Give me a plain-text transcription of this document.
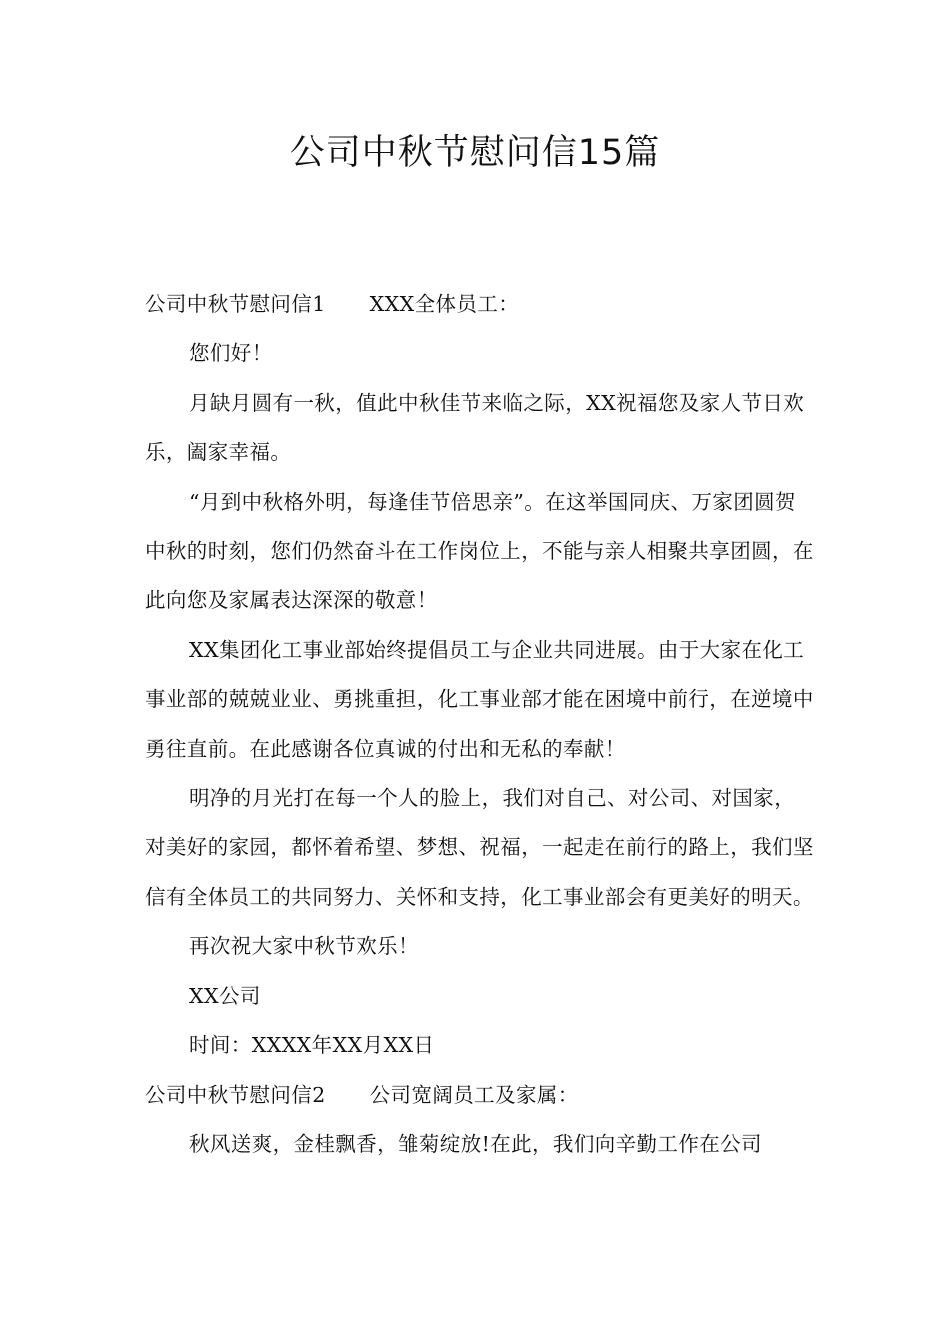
公司中秋节慰问信15篇

公司中秋节慰问信1 XXX全体员工：

您们好！

月缺月圆有一秋，值此中秋佳节来临之际，XX祝福您及家人节日欢乐，阖家幸福。

“月到中秋格外明，每逢佳节倍思亲”。在这举国同庆、万家团圆贺中秋的时刻，您们仍然奋斗在工作岗位上，不能与亲人相聚共享团圆，在此向您及家属表达深深的敬意！

XX集团化工事业部始终提倡员工与企业共同进展。由于大家在化工事业部的兢兢业业、勇挑重担，化工事业部才能在困境中前行，在逆境中勇往直前。在此感谢各位真诚的付出和无私的奉献！

明净的月光打在每一个人的脸上，我们对自己、对公司、对国家，对美好的家园，都怀着希望、梦想、祝福，一起走在前行的路上，我们坚信有全体员工的共同努力、关怀和支持，化工事业部会有更美好的明天。

再次祝大家中秋节欢乐！

XX公司

时间：XXXX年XX月XX日

公司中秋节慰问信2 公司宽阔员工及家属：

秋风送爽，金桂飘香，雏菊绽放!在此，我们向辛勤工作在公司
